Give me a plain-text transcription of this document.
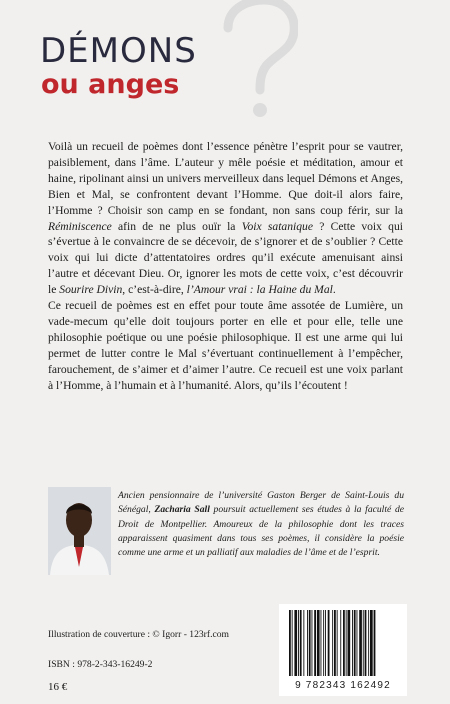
DÉMONS
ou anges

Voilà un recueil de poèmes dont l’essence pénètre l’esprit pour se vautrer, paisiblement, dans l’âme. L’auteur y mêle poésie et méditation, amour et haine, ripolinant ainsi un univers merveilleux dans lequel Démons et Anges, Bien et Mal, se confrontent devant l’Homme. Que doit-il alors faire, l’Homme ? Choisir son camp en se fondant, non sans coup férir, sur la Réminiscence afin de ne plus ouïr la Voix satanique ? Cette voix qui s’évertue à le convaincre de se décevoir, de s’ignorer et de s’oublier ? Cette voix qui lui dicte d’attentatoires ordres qu’il exécute amenuisant ainsi l’autre et décevant Dieu. Or, ignorer les mots de cette voix, c’est découvrir le Sourire Divin, c’est-à-dire, l’Amour vrai : la Haine du Mal.

Ce recueil de poèmes est en effet pour toute âme assotée de Lumière, un vade-mecum qu’elle doit toujours porter en elle et pour elle, telle une philosophie poétique ou une poésie philosophique. Il est une arme qui lui permet de lutter contre le Mal s’évertuant continuellement à l’empêcher, farouchement, de s’aimer et d’aimer l’autre. Ce recueil est une voix parlant à l’Homme, à l’humain et à l’humanité. Alors, qu’ils l’écoutent !

Ancien pensionnaire de l’université Gaston Berger de Saint-Louis du Sénégal, Zacharia Sall poursuit actuellement ses études à la faculté de Droit de Montpellier. Amoureux de la philosophie dont les traces apparaissent quasiment dans tous ses poèmes, il considère la poésie comme une arme et un palliatif aux maladies de l’âme et de l’esprit.
Illustration de couverture : © Igorr - 123rf.com
ISBN : 978-2-343-16249-2
16 €	9 782343 162492
